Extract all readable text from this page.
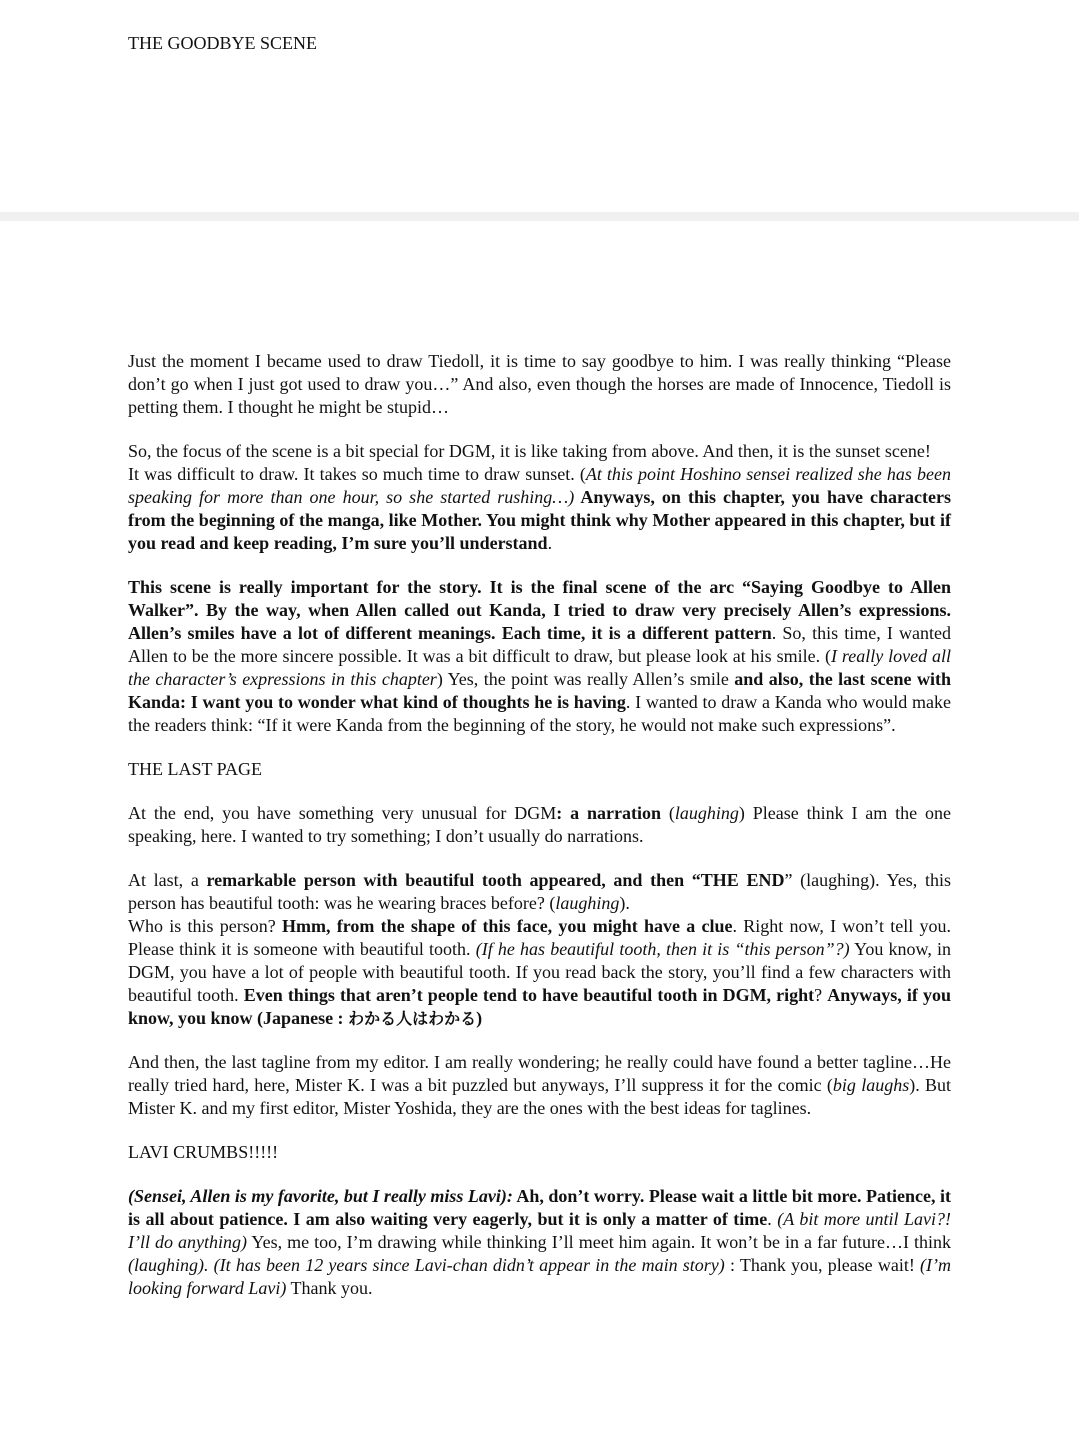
THE GOODBYE SCENE

Just the moment I became used to draw Tiedoll, it is time to say goodbye to him. I was really thinking “Please don’t go when I just got used to draw you…” And also, even though the horses are made of Innocence, Tiedoll is petting them. I thought he might be stupid…

So, the focus of the scene is a bit special for DGM, it is like taking from above. And then, it is the sunset scene!

It was difficult to draw. It takes so much time to draw sunset. (At this point Hoshino sensei realized she has been speaking for more than one hour, so she started rushing…) Anyways, on this chapter, you have characters from the beginning of the manga, like Mother. You might think why Mother appeared in this chapter, but if you read and keep reading, I’m sure you’ll understand.

This scene is really important for the story. It is the final scene of the arc “Saying Goodbye to Allen Walker”. By the way, when Allen called out Kanda, I tried to draw very precisely Allen’s expressions. Allen’s smiles have a lot of different meanings. Each time, it is a different pattern. So, this time, I wanted Allen to be the more sincere possible. It was a bit difficult to draw, but please look at his smile. (I really loved all the character’s expressions in this chapter) Yes, the point was really Allen’s smile and also, the last scene with Kanda: I want you to wonder what kind of thoughts he is having. I wanted to draw a Kanda who would make the readers think: “If it were Kanda from the beginning of the story, he would not make such expressions”.

THE LAST PAGE

At the end, you have something very unusual for DGM: a narration (laughing) Please think I am the one speaking, here. I wanted to try something; I don’t usually do narrations.

At last, a remarkable person with beautiful tooth appeared, and then “THE END” (laughing). Yes, this person has beautiful tooth: was he wearing braces before? (laughing).

Who is this person? Hmm, from the shape of this face, you might have a clue. Right now, I won’t tell you. Please think it is someone with beautiful tooth. (If he has beautiful tooth, then it is “this person”?) You know, in DGM, you have a lot of people with beautiful tooth. If you read back the story, you’ll find a few characters with beautiful tooth. Even things that aren’t people tend to have beautiful tooth in DGM, right? Anyways, if you know, you know (Japanese : わかる人はわかる)

And then, the last tagline from my editor. I am really wondering; he really could have found a better tagline…He really tried hard, here, Mister K. I was a bit puzzled but anyways, I’ll suppress it for the comic (big laughs). But Mister K. and my first editor, Mister Yoshida, they are the ones with the best ideas for taglines.

LAVI CRUMBS!!!!!

(Sensei, Allen is my favorite, but I really miss Lavi): Ah, don’t worry. Please wait a little bit more. Patience, it is all about patience. I am also waiting very eagerly, but it is only a matter of time. (A bit more until Lavi?! I’ll do anything) Yes, me too, I’m drawing while thinking I’ll meet him again. It won’t be in a far future…I think (laughing). (It has been 12 years since Lavi-chan didn’t appear in the main story) : Thank you, please wait! (I’m looking forward Lavi) Thank you.
